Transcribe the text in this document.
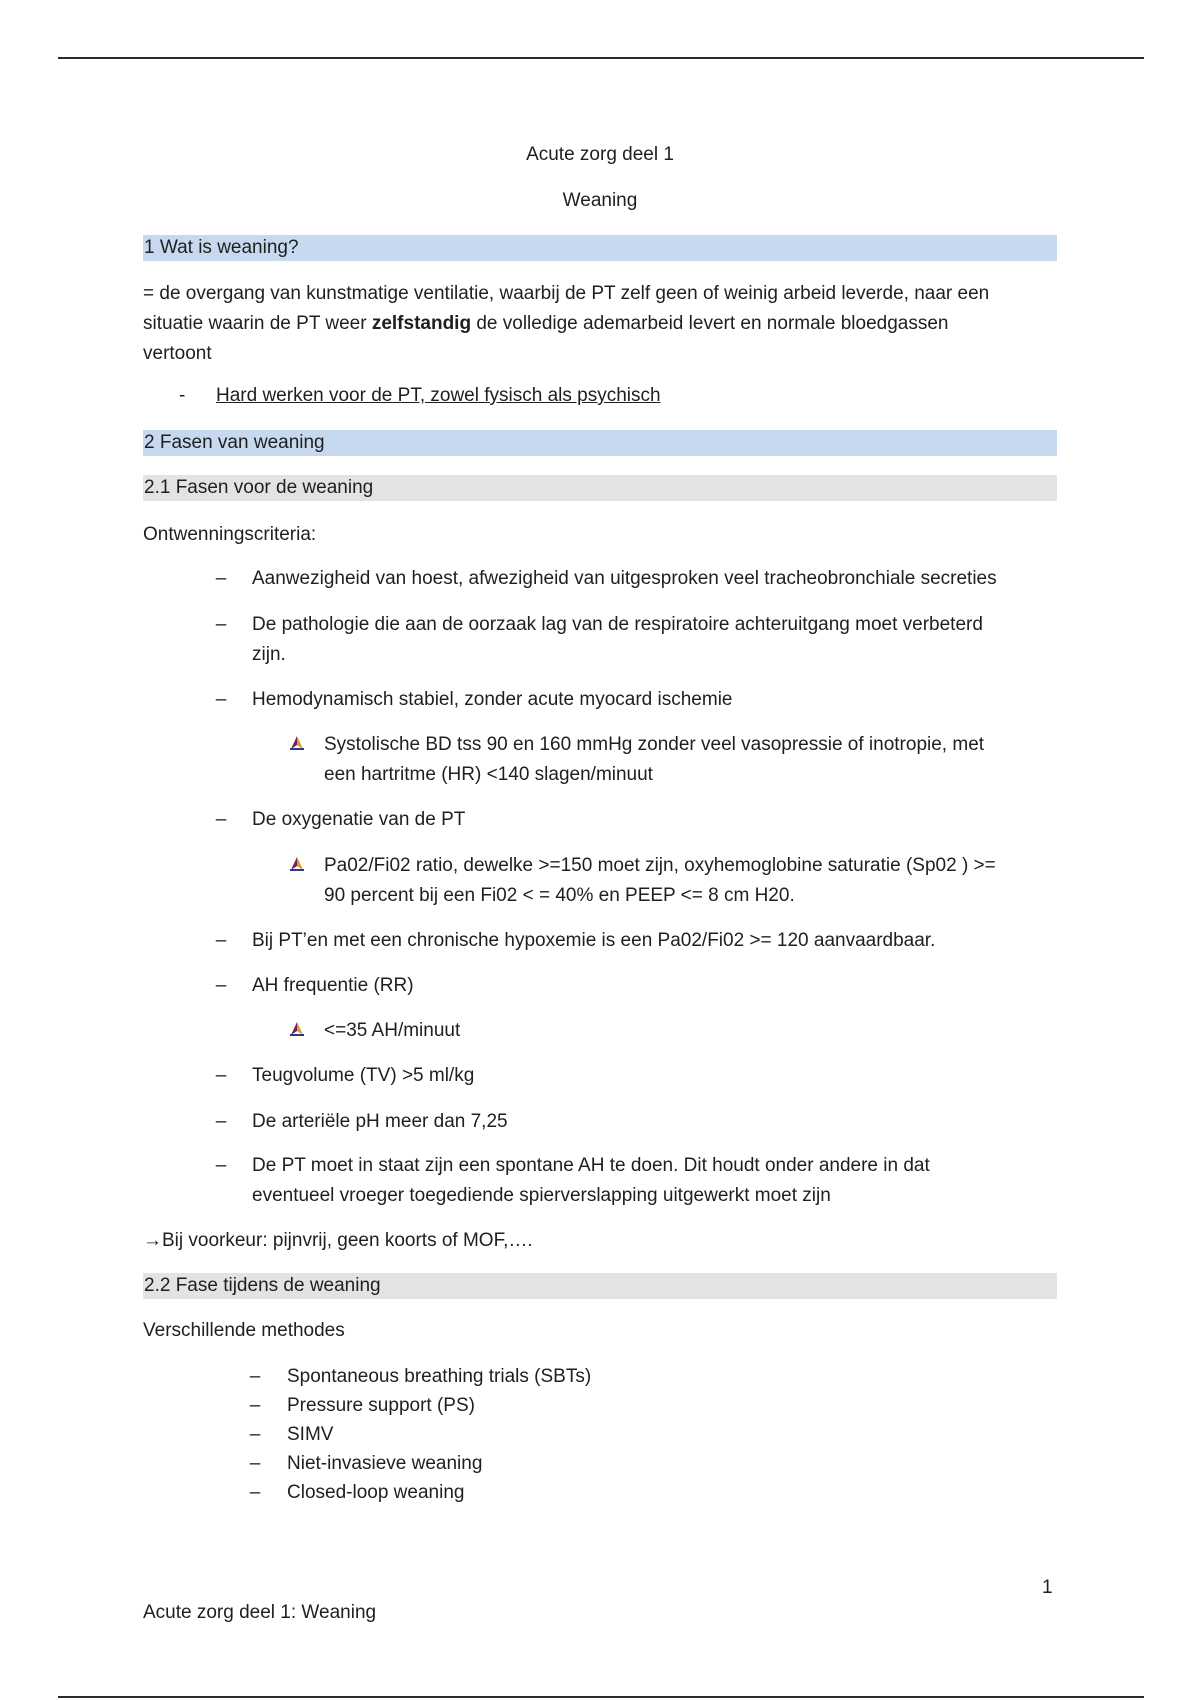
Acute zorg deel 1
Weaning
1 Wat is weaning?
= de overgang van kunstmatige ventilatie, waarbij de PT zelf geen of weinig arbeid leverde, naar een
situatie waarin de PT weer zelfstandig de volledige ademarbeid levert en normale bloedgassen
vertoont
- Hard werken voor de PT, zowel fysisch als psychisch
2 Fasen van weaning
2.1 Fasen voor de weaning
Ontwenningscriteria:
– Aanwezigheid van hoest, afwezigheid van uitgesproken veel tracheobronchiale secreties
– De pathologie die aan de oorzaak lag van de respiratoire achteruitgang moet verbeterd
zijn.
– Hemodynamisch stabiel, zonder acute myocard ischemie
Systolische BD tss 90 en 160 mmHg zonder veel vasopressie of inotropie, met
een hartritme (HR) <140 slagen/minuut
– De oxygenatie van de PT
Pa02/Fi02 ratio, dewelke >=150 moet zijn, oxyhemoglobine saturatie (Sp02 ) >=
90 percent bij een Fi02 < = 40% en PEEP <= 8 cm H20.
– Bij PT’en met een chronische hypoxemie is een Pa02/Fi02 >= 120 aanvaardbaar.
– AH frequentie (RR)
<=35 AH/minuut
– Teugvolume (TV) >5 ml/kg
– De arteriële pH meer dan 7,25
– De PT moet in staat zijn een spontane AH te doen. Dit houdt onder andere in dat
eventueel vroeger toegediende spierverslapping uitgewerkt moet zijn
→Bij voorkeur: pijnvrij, geen koorts of MOF,….
2.2 Fase tijdens de weaning
Verschillende methodes
– Spontaneous breathing trials (SBTs)
– Pressure support (PS)
– SIMV
– Niet-invasieve weaning
– Closed-loop weaning
1
Acute zorg deel 1: Weaning
